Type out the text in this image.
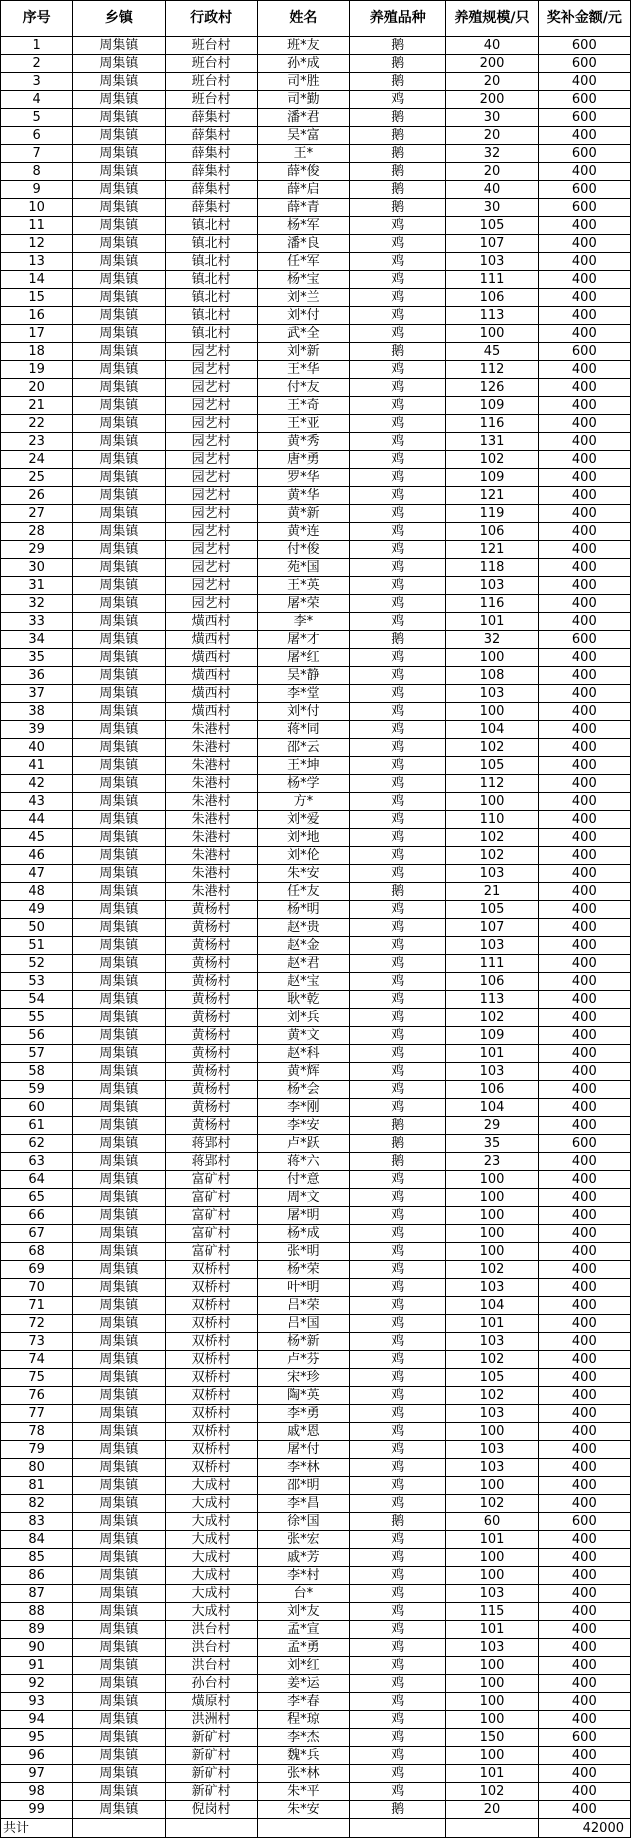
序号	乡镇	行政村	姓名	养殖品种	养殖规模/只	奖补金额/元
1	周集镇	班台村	班*友	鹅	40	600
2	周集镇	班台村	孙*成	鹅	200	600
3	周集镇	班台村	司*胜	鹅	20	400
4	周集镇	班台村	司*勤	鸡	200	600
5	周集镇	薛集村	潘*君	鹅	30	600
6	周集镇	薛集村	吴*富	鹅	20	400
7	周集镇	薛集村	王*	鹅	32	600
8	周集镇	薛集村	薛*俊	鹅	20	400
9	周集镇	薛集村	薛*启	鹅	40	600
10	周集镇	薛集村	薛*青	鹅	30	600
11	周集镇	镇北村	杨*军	鸡	105	400
12	周集镇	镇北村	潘*良	鸡	107	400
13	周集镇	镇北村	任*军	鸡	103	400
14	周集镇	镇北村	杨*宝	鸡	111	400
15	周集镇	镇北村	刘*兰	鸡	106	400
16	周集镇	镇北村	刘*付	鸡	113	400
17	周集镇	镇北村	武*全	鸡	100	400
18	周集镇	园艺村	刘*新	鹅	45	600
19	周集镇	园艺村	王*华	鸡	112	400
20	周集镇	园艺村	付*友	鸡	126	400
21	周集镇	园艺村	王*奇	鸡	109	400
22	周集镇	园艺村	王*亚	鸡	116	400
23	周集镇	园艺村	黄*秀	鸡	131	400
24	周集镇	园艺村	唐*勇	鸡	102	400
25	周集镇	园艺村	罗*华	鸡	109	400
26	周集镇	园艺村	黄*华	鸡	121	400
27	周集镇	园艺村	黄*新	鸡	119	400
28	周集镇	园艺村	黄*连	鸡	106	400
29	周集镇	园艺村	付*俊	鸡	121	400
30	周集镇	园艺村	苑*国	鸡	118	400
31	周集镇	园艺村	王*英	鸡	103	400
32	周集镇	园艺村	屠*荣	鸡	116	400
33	周集镇	熿西村	李*	鸡	101	400
34	周集镇	熿西村	屠*才	鹅	32	600
35	周集镇	熿西村	屠*红	鸡	100	400
36	周集镇	熿西村	吴*静	鸡	108	400
37	周集镇	熿西村	李*堂	鸡	103	400
38	周集镇	熿西村	刘*付	鸡	100	400
39	周集镇	朱港村	蒋*同	鸡	104	400
40	周集镇	朱港村	邵*云	鸡	102	400
41	周集镇	朱港村	王*坤	鸡	105	400
42	周集镇	朱港村	杨*学	鸡	112	400
43	周集镇	朱港村	方*	鸡	100	400
44	周集镇	朱港村	刘*爱	鸡	110	400
45	周集镇	朱港村	刘*地	鸡	102	400
46	周集镇	朱港村	刘*伦	鸡	102	400
47	周集镇	朱港村	朱*安	鸡	103	400
48	周集镇	朱港村	任*友	鹅	21	400
49	周集镇	黄杨村	杨*明	鸡	105	400
50	周集镇	黄杨村	赵*贵	鸡	107	400
51	周集镇	黄杨村	赵*金	鸡	103	400
52	周集镇	黄杨村	赵*君	鸡	111	400
53	周集镇	黄杨村	赵*宝	鸡	106	400
54	周集镇	黄杨村	耿*乾	鸡	113	400
55	周集镇	黄杨村	刘*兵	鸡	102	400
56	周集镇	黄杨村	黄*文	鸡	109	400
57	周集镇	黄杨村	赵*科	鸡	101	400
58	周集镇	黄杨村	黄*辉	鸡	103	400
59	周集镇	黄杨村	杨*会	鸡	106	400
60	周集镇	黄杨村	李*刚	鸡	104	400
61	周集镇	黄杨村	李*安	鹅	29	400
62	周集镇	蒋郢村	卢*跃	鹅	35	600
63	周集镇	蒋郢村	蒋*六	鹅	23	400
64	周集镇	富矿村	付*意	鸡	100	400
65	周集镇	富矿村	周*文	鸡	100	400
66	周集镇	富矿村	屠*明	鸡	100	400
67	周集镇	富矿村	杨*成	鸡	100	400
68	周集镇	富矿村	张*明	鸡	100	400
69	周集镇	双桥村	杨*荣	鸡	102	400
70	周集镇	双桥村	叶*明	鸡	103	400
71	周集镇	双桥村	吕*荣	鸡	104	400
72	周集镇	双桥村	吕*国	鸡	101	400
73	周集镇	双桥村	杨*新	鸡	103	400
74	周集镇	双桥村	卢*芬	鸡	102	400
75	周集镇	双桥村	宋*珍	鸡	105	400
76	周集镇	双桥村	陶*英	鸡	102	400
77	周集镇	双桥村	李*勇	鸡	103	400
78	周集镇	双桥村	戚*恩	鸡	100	400
79	周集镇	双桥村	屠*付	鸡	103	400
80	周集镇	双桥村	李*林	鸡	103	400
81	周集镇	大成村	邵*明	鸡	100	400
82	周集镇	大成村	李*昌	鸡	102	400
83	周集镇	大成村	徐*国	鹅	60	600
84	周集镇	大成村	张*宏	鸡	101	400
85	周集镇	大成村	戚*芳	鸡	100	400
86	周集镇	大成村	李*村	鸡	100	400
87	周集镇	大成村	台*	鸡	103	400
88	周集镇	大成村	刘*友	鸡	115	400
89	周集镇	洪台村	孟*宣	鸡	101	400
90	周集镇	洪台村	孟*勇	鸡	103	400
91	周集镇	洪台村	刘*红	鸡	100	400
92	周集镇	孙台村	姜*运	鸡	100	400
93	周集镇	熿原村	李*春	鸡	100	400
94	周集镇	洪洲村	程*琼	鸡	100	400
95	周集镇	新矿村	李*杰	鸡	150	600
96	周集镇	新矿村	魏*兵	鸡	100	400
97	周集镇	新矿村	张*林	鸡	101	400
98	周集镇	新矿村	朱*平	鸡	102	400
99	周集镇	倪岗村	朱*安	鹅	20	400
共计						42000
